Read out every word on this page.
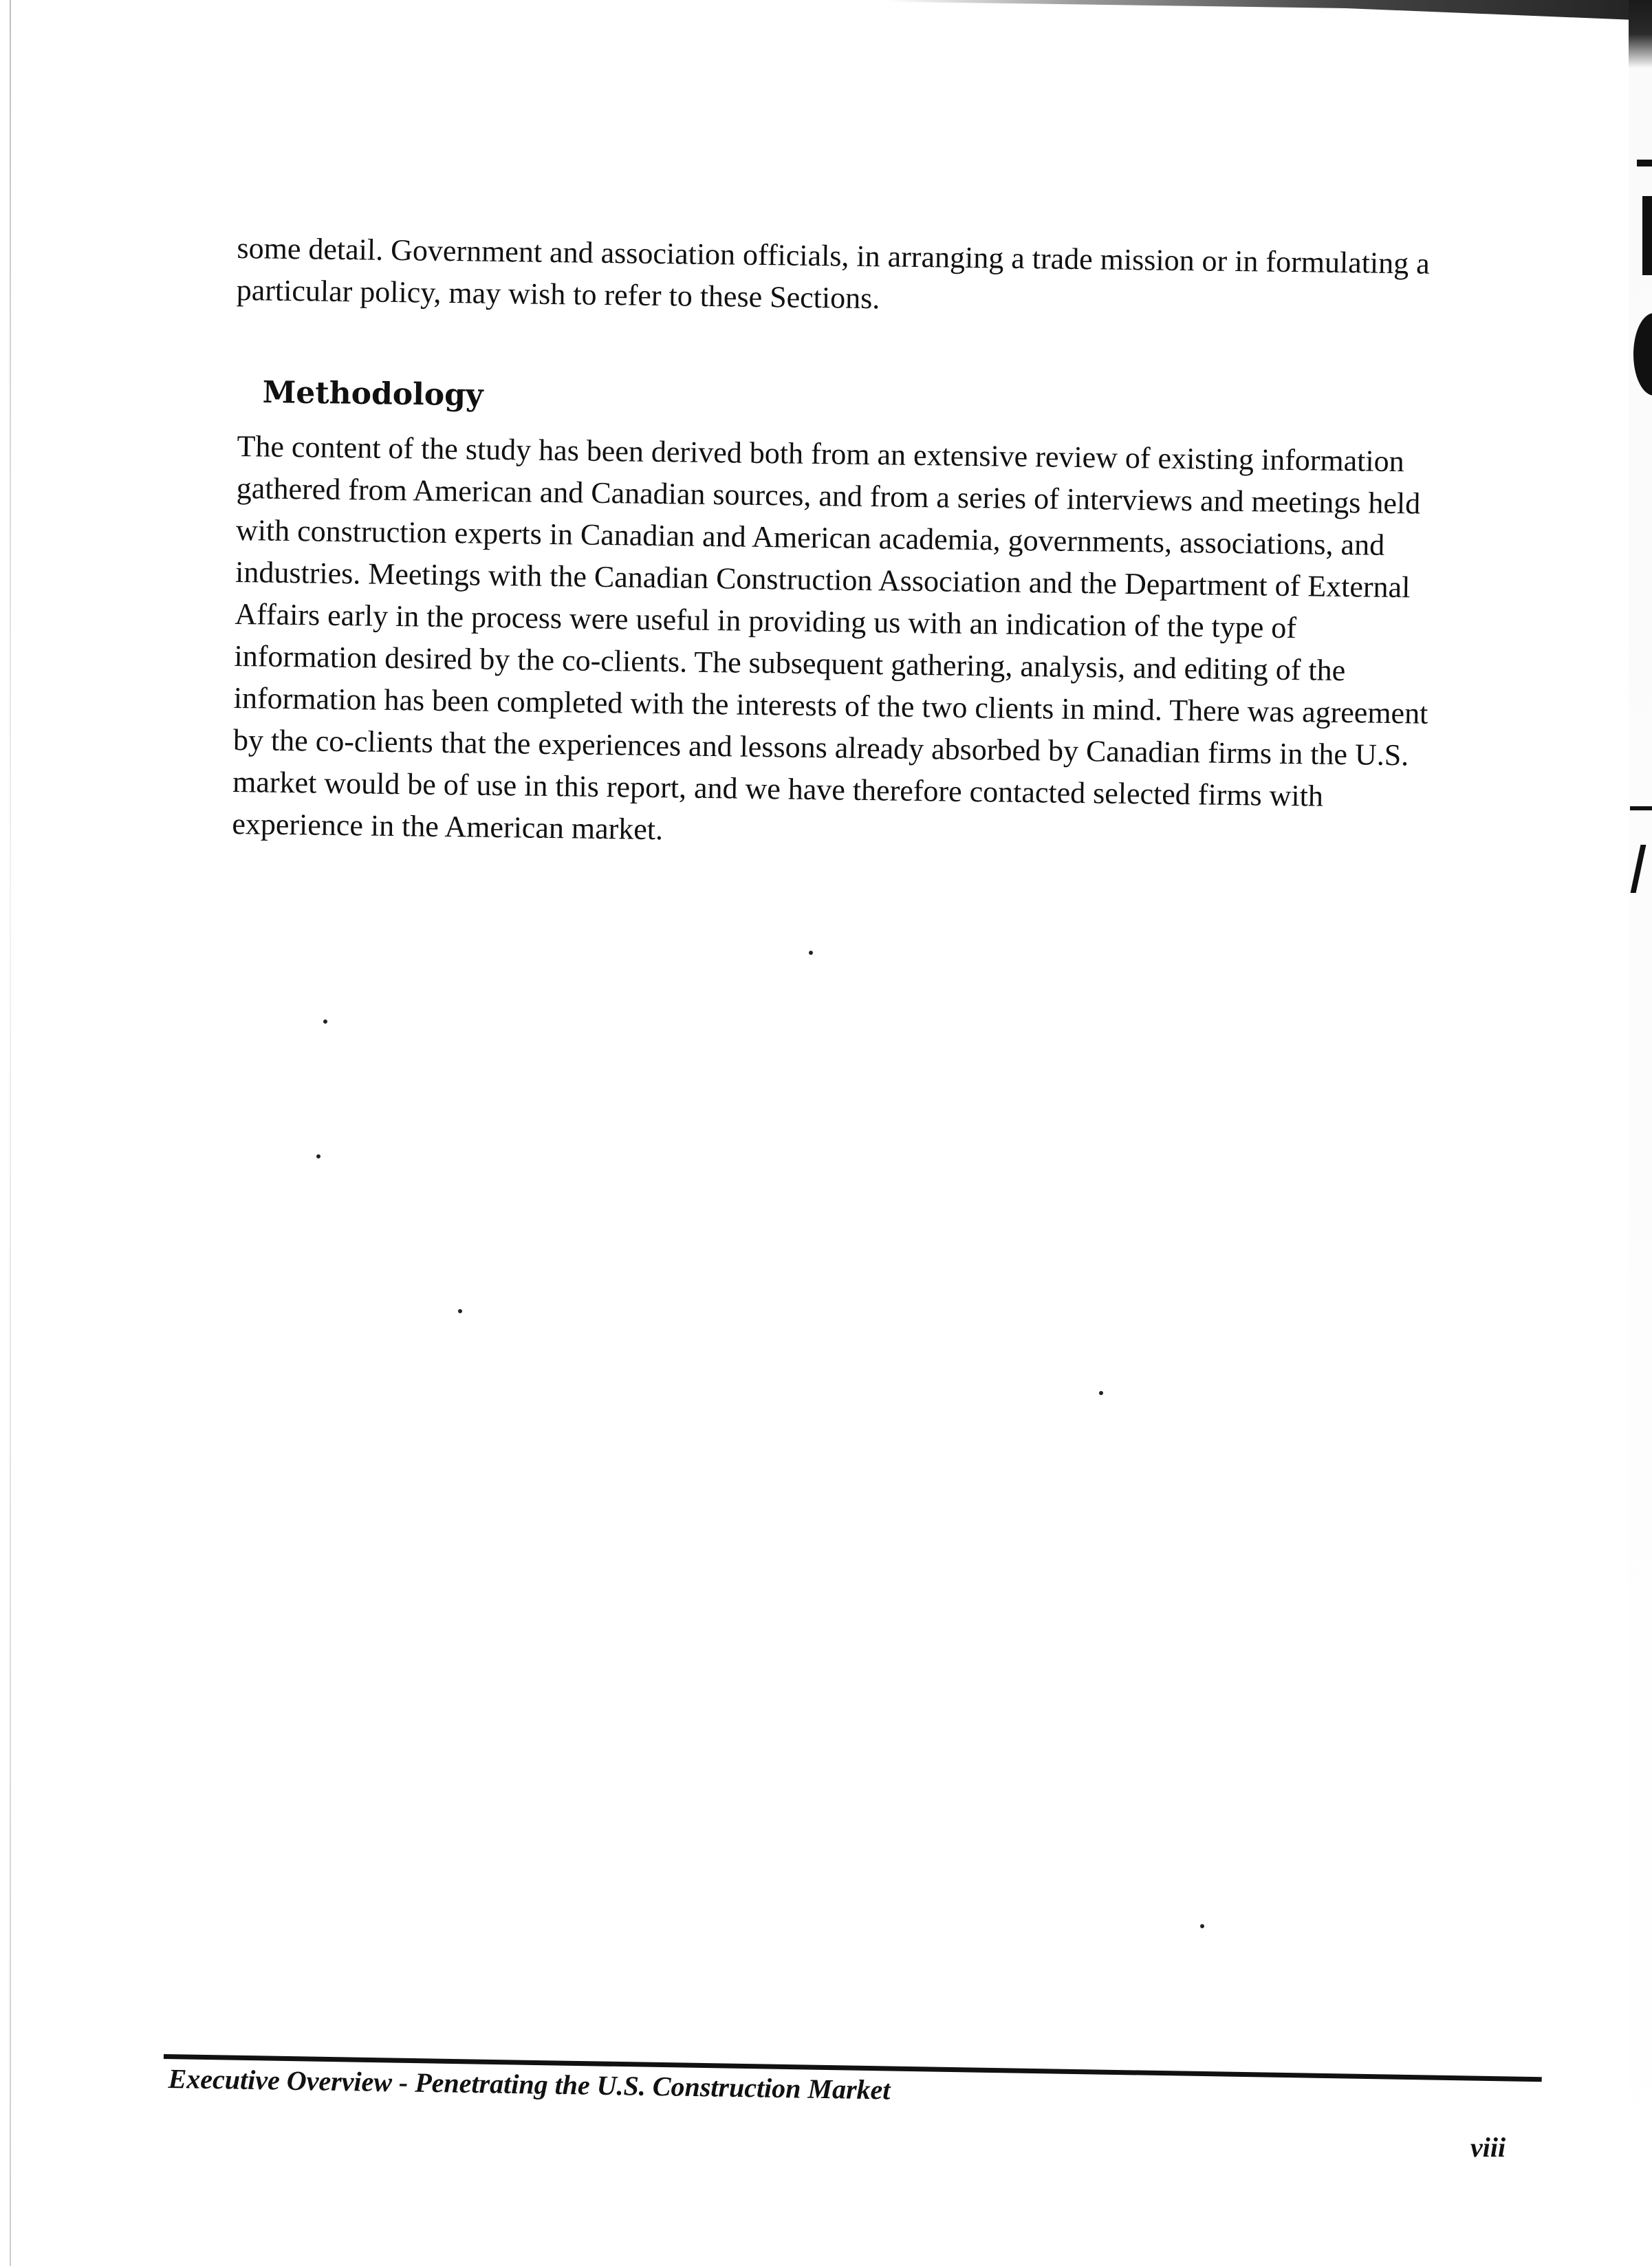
some detail. Government and association officials, in arranging a trade mission or in formulating a
particular policy, may wish to refer to these Sections.
Methodology
The content of the study has been derived both from an extensive review of existing information
gathered from American and Canadian sources, and from a series of interviews and meetings held
with construction experts in Canadian and American academia, governments, associations, and
industries. Meetings with the Canadian Construction Association and the Department of External
Affairs early in the process were useful in providing us with an indication of the type of
information desired by the co-clients. The subsequent gathering, analysis, and editing of the
information has been completed with the interests of the two clients in mind. There was agreement
by the co-clients that the experiences and lessons already absorbed by Canadian firms in the U.S.
market would be of use in this report, and we have therefore contacted selected firms with
experience in the American market.

Executive Overview - Penetrating the U.S. Construction Market

viii
